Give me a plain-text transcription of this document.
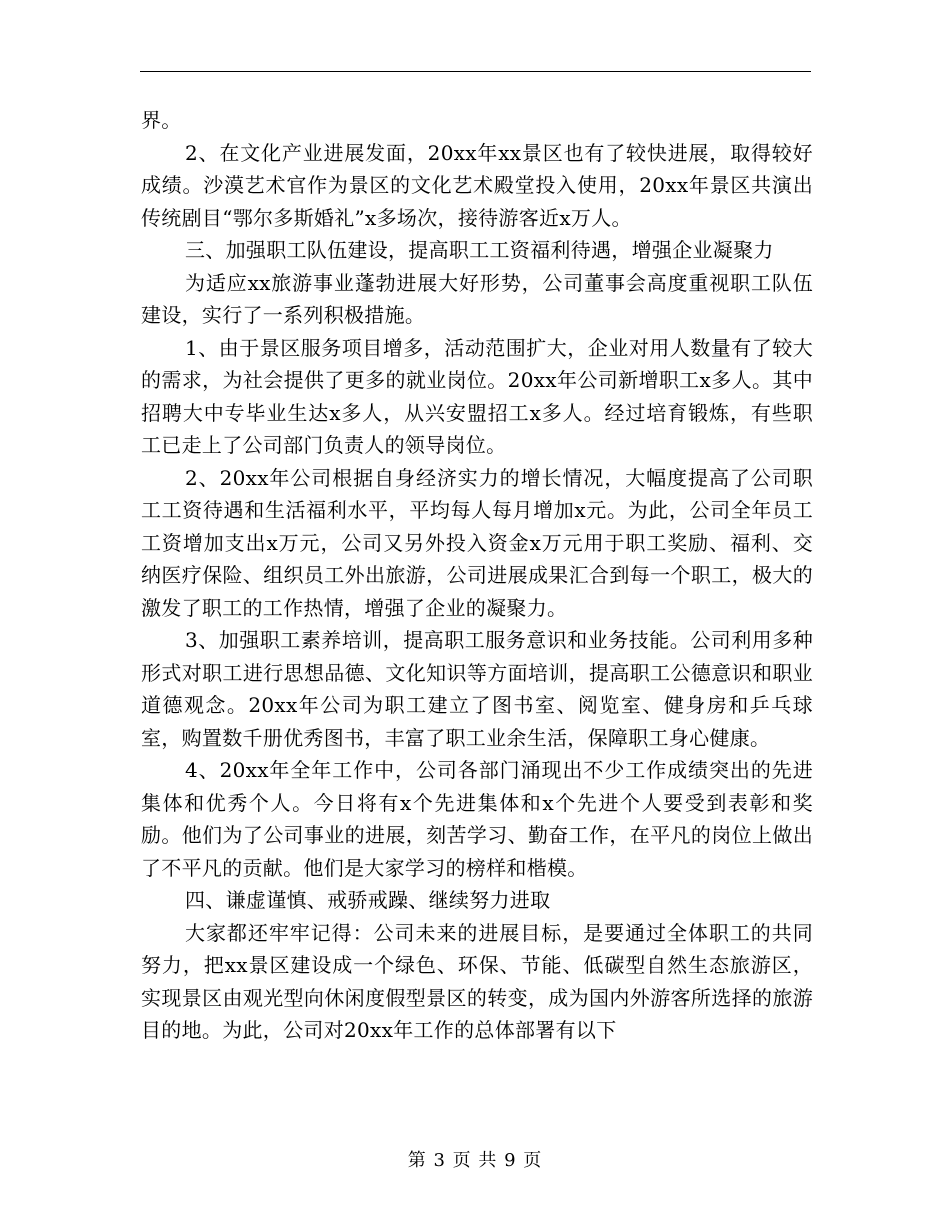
界。

2、在文化产业进展发面，20xx年xx景区也有了较快进展，取得较好成绩。沙漠艺术官作为景区的文化艺术殿堂投入使用，20xx年景区共演出传统剧目“鄂尔多斯婚礼”x多场次，接待游客近x万人。

三、加强职工队伍建设，提高职工工资福利待遇，增强企业凝聚力

为适应xx旅游事业蓬勃进展大好形势，公司董事会高度重视职工队伍建设，实行了一系列积极措施。

1、由于景区服务项目增多，活动范围扩大，企业对用人数量有了较大的需求，为社会提供了更多的就业岗位。20xx年公司新增职工x多人。其中招聘大中专毕业生达x多人，从兴安盟招工x多人。经过培育锻炼，有些职工已走上了公司部门负责人的领导岗位。

2、20xx年公司根据自身经济实力的增长情况，大幅度提高了公司职工工资待遇和生活福利水平，平均每人每月增加x元。为此，公司全年员工工资增加支出x万元，公司又另外投入资金x万元用于职工奖励、福利、交纳医疗保险、组织员工外出旅游，公司进展成果汇合到每一个职工，极大的激发了职工的工作热情，增强了企业的凝聚力。

3、加强职工素养培训，提高职工服务意识和业务技能。公司利用多种形式对职工进行思想品德、文化知识等方面培训，提高职工公德意识和职业道德观念。20xx年公司为职工建立了图书室、阅览室、健身房和乒乓球室，购置数千册优秀图书，丰富了职工业余生活，保障职工身心健康。

4、20xx年全年工作中，公司各部门涌现出不少工作成绩突出的先进集体和优秀个人。今日将有x个先进集体和x个先进个人要受到表彰和奖励。他们为了公司事业的进展，刻苦学习、勤奋工作，在平凡的岗位上做出了不平凡的贡献。他们是大家学习的榜样和楷模。

四、谦虚谨慎、戒骄戒躁、继续努力进取

大家都还牢牢记得：公司未来的进展目标，是要通过全体职工的共同努力，把xx景区建设成一个绿色、环保、节能、低碳型自然生态旅游区，实现景区由观光型向休闲度假型景区的转变，成为国内外游客所选择的旅游目的地。为此，公司对20xx年工作的总体部署有以下

第 3 页 共 9 页
